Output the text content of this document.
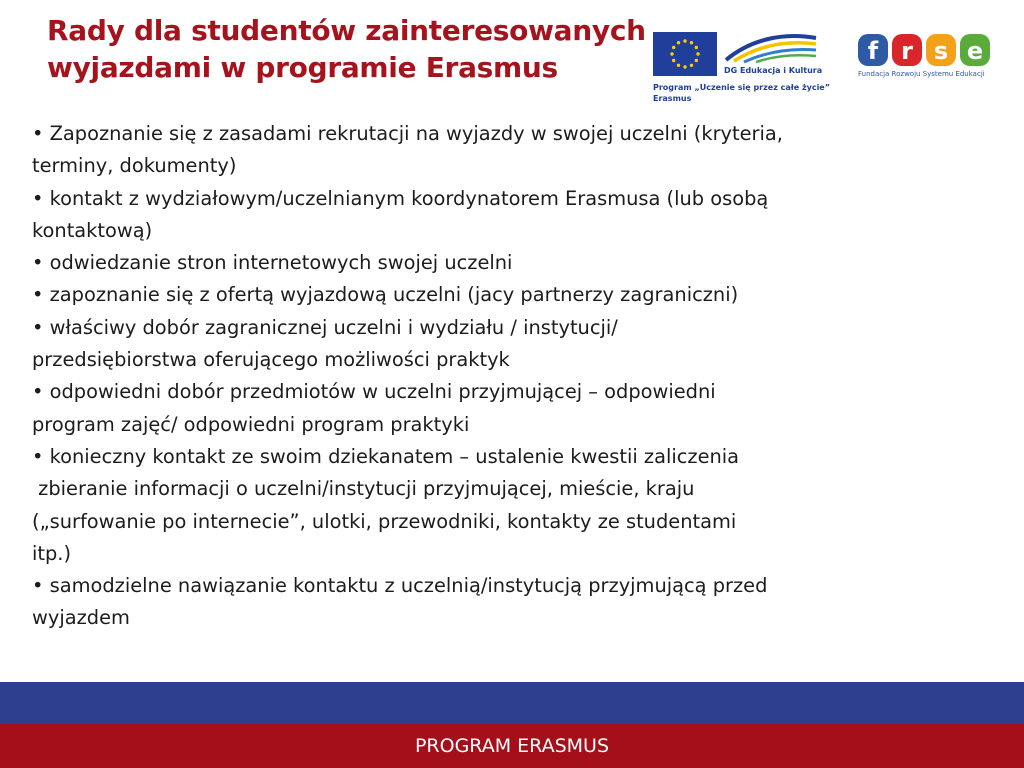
Rady dla studentów zainteresowanych
wyjazdami w programie Erasmus	DG Edukacja i Kultura
Program „Uczenie się przez całe życie”
Erasmus
f r s e
Fundacja Rozwoju Systemu Edukacji
• Zapoznanie się z zasadami rekrutacji na wyjazdy w swojej uczelni (kryteria,
terminy, dokumenty)
• kontakt z wydziałowym/uczelnianym koordynatorem Erasmusa (lub osobą
kontaktową)
• odwiedzanie stron internetowych swojej uczelni
• zapoznanie się z ofertą wyjazdową uczelni (jacy partnerzy zagraniczni)
• właściwy dobór zagranicznej uczelni i wydziału / instytucji/
przedsiębiorstwa oferującego możliwości praktyk
• odpowiedni dobór przedmiotów w uczelni przyjmującej – odpowiedni
program zajęć/ odpowiedni program praktyki
• konieczny kontakt ze swoim dziekanatem – ustalenie kwestii zaliczenia
zbieranie informacji o uczelni/instytucji przyjmującej, mieście, kraju
(„surfowanie po internecie”, ulotki, przewodniki, kontakty ze studentami
itp.)
• samodzielne nawiązanie kontaktu z uczelnią/instytucją przyjmującą przed
wyjazdem
PROGRAM ERASMUS
